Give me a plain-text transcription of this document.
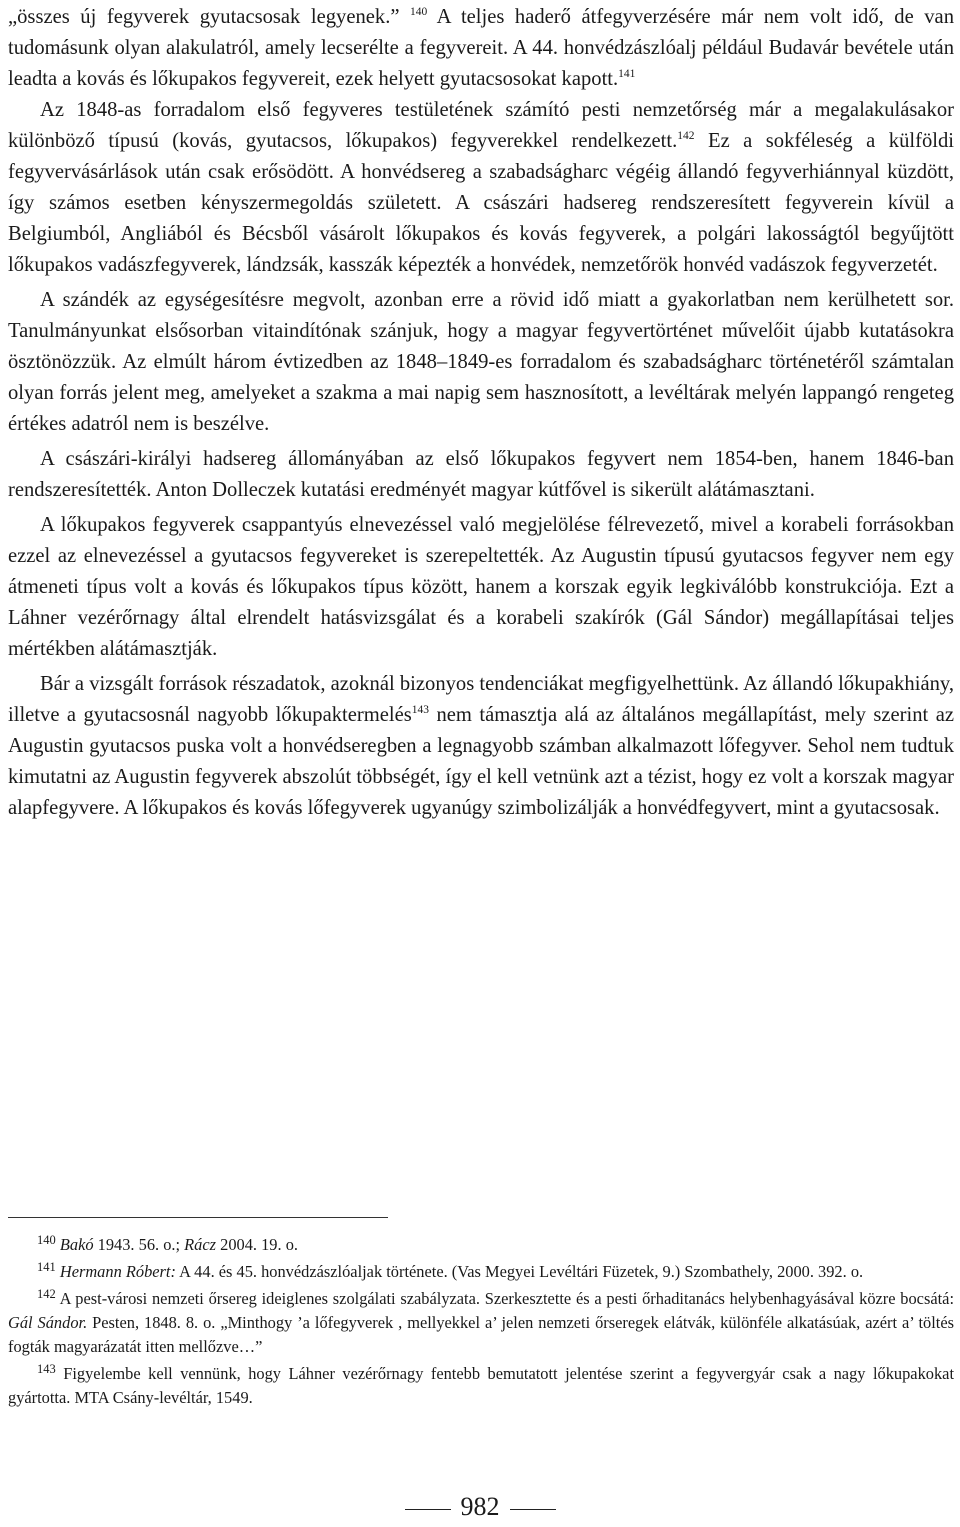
„összes új fegyverek gyutacsosak legyenek.” $^{140}$ A teljes haderő átfegyverzésére már nem volt idő, de van tudomásunk olyan alakulatról, amely lecserélte a fegyvereit. A 44. honvédzászlóalj például Budavár bevétele után leadta a kovás és lőkupakos fegyvereit, ezek helyett gyutacsosokat kapott.$^{141}$

Az 1848-as forradalom első fegyveres testületének számító pesti nemzetőrség már a megalakulásakor különböző típusú (kovás, gyutacsos, lőkupakos) fegyverekkel rendelkezett.$^{142}$ Ez a sokféleség a külföldi fegyvervásárlások után csak erősödött. A honvédsereg a szabadságharc végéig állandó fegyverhiánnyal küzdött, így számos esetben kényszermegoldás született. A császári hadsereg rendszeresített fegyverein kívül a Belgiumból, Angliából és Bécsből vásárolt lőkupakos és kovás fegyverek, a polgári lakosságtól begyűjtött lőkupakos vadászfegyverek, lándzsák, kasszák képezték a honvédek, nemzetőrök honvéd vadászok fegyverzetét.

A szándék az egységesítésre megvolt, azonban erre a rövid idő miatt a gyakorlatban nem kerülhetett sor. Tanulmányunkat elsősorban vitaindítónak szánjuk, hogy a magyar fegyvertörténet művelőit újabb kutatásokra ösztönözzük. Az elmúlt három évtizedben az 1848–1849-es forradalom és szabadságharc történetéről számtalan olyan forrás jelent meg, amelyeket a szakma a mai napig sem hasznosított, a levéltárak melyén lappangó rengeteg értékes adatról nem is beszélve.

A császári-királyi hadsereg állományában az első lőkupakos fegyvert nem 1854-ben, hanem 1846-ban rendszeresítették. Anton Dolleczek kutatási eredményét magyar kútfővel is sikerült alátámasztani.

A lőkupakos fegyverek csappantyús elnevezéssel való megjelölése félrevezető, mivel a korabeli forrásokban ezzel az elnevezéssel a gyutacsos fegyvereket is szerepeltették. Az Augustin típusú gyutacsos fegyver nem egy átmeneti típus volt a kovás és lőkupakos típus között, hanem a korszak egyik legkiválóbb konstrukciója. Ezt a Láhner vezérőrnagy által elrendelt hatásvizsgálat és a korabeli szakírók (Gál Sándor) megállapításai teljes mértékben alátámasztják.

Bár a vizsgált források részadatok, azoknál bizonyos tendenciákat megfigyelhettünk. Az állandó lőkupakhiány, illetve a gyutacsosnál nagyobb lőkupaktermelés$^{143}$ nem támasztja alá az általános megállapítást, mely szerint az Augustin gyutacsos puska volt a honvédseregben a legnagyobb számban alkalmazott lőfegyver. Sehol nem tudtuk kimutatni az Augustin fegyverek abszolút többségét, így el kell vetnünk azt a tézist, hogy ez volt a korszak magyar alapfegyvere. A lőkupakos és kovás lőfegyverek ugyanúgy szimbolizálják a honvédfegyvert, mint a gyutacsosak.

$^{140}$ Bakó 1943. 56. o.; Rácz 2004. 19. o.

$^{141}$ Hermann Róbert: A 44. és 45. honvédzászlóaljak története. (Vas Megyei Levéltári Füzetek, 9.) Szombathely, 2000. 392. o.

$^{142}$ A pest-városi nemzeti őrsereg ideiglenes szolgálati szabályzata. Szerkesztette és a pesti őrhaditanács helybenhagyásával közre bocsátá: Gál Sándor. Pesten, 1848. 8. o. „Minthogy ’a lőfegyverek , mellyekkel a’ jelen nemzeti őrseregek elátvák, különféle alkatásúak, azért a’ töltés fogták magyarázatát itten mellőzve…”

$^{143}$ Figyelembe kell vennünk, hogy Láhner vezérőrnagy fentebb bemutatott jelentése szerint a fegyvergyár csak a nagy lőkupakokat gyártotta. MTA Csány-levéltár, 1549.

982
